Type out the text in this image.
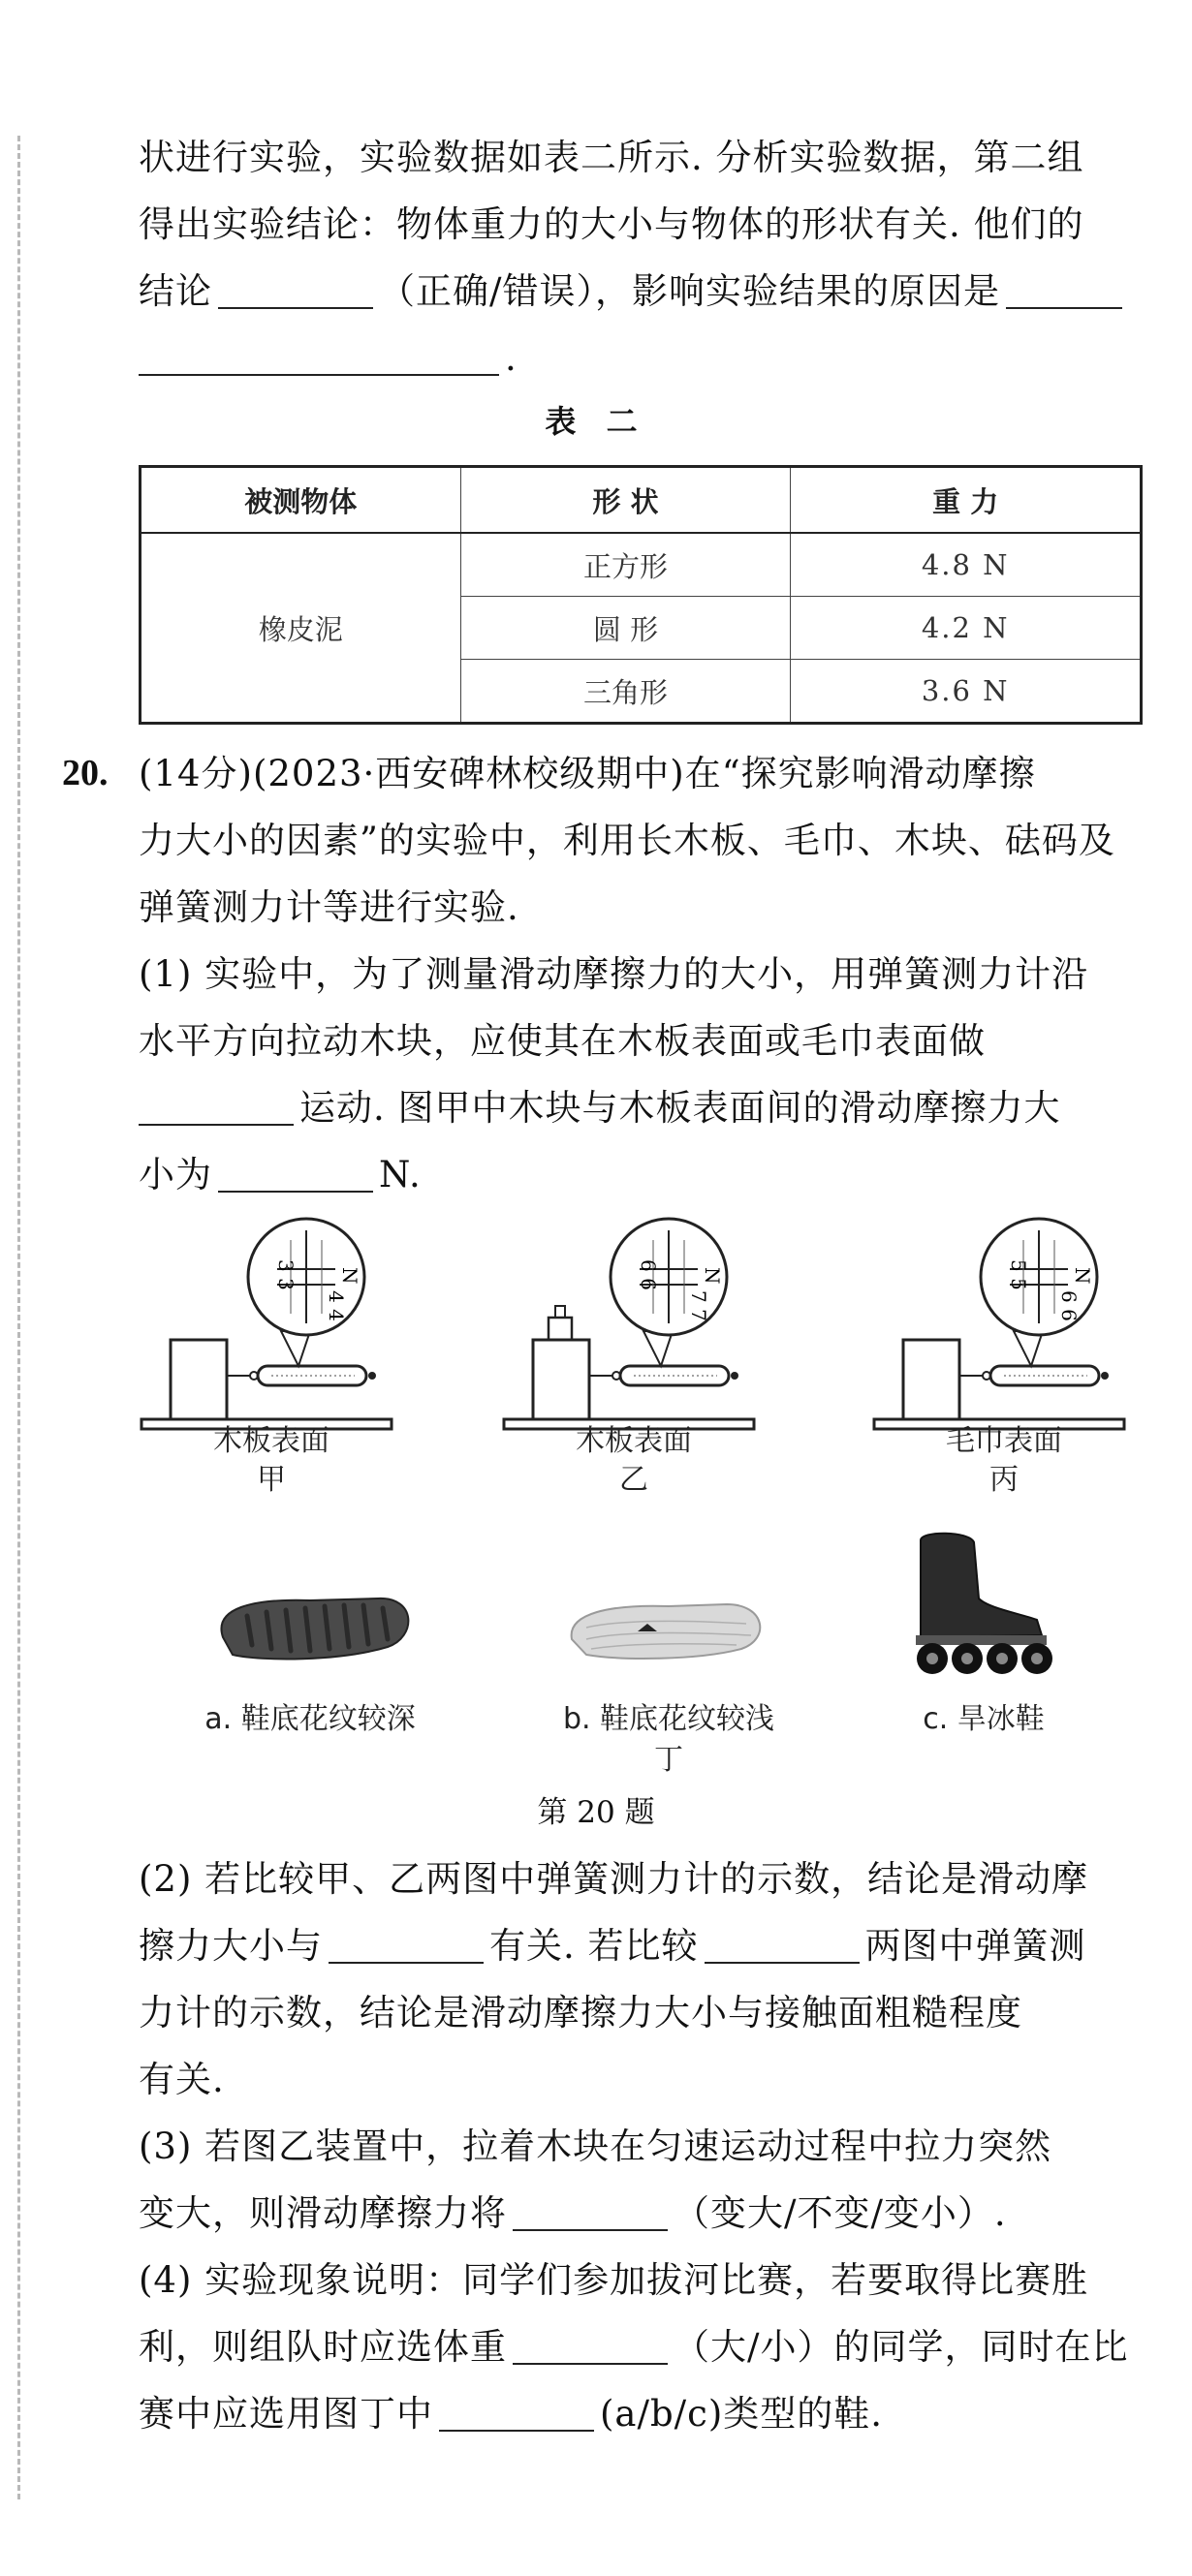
状进行实验，实验数据如表二所示. 分析实验数据，第二组

得出实验结论：物体重力的大小与物体的形状有关. 他们的

结论	（正确/错误），影响实验结果的原因是

.

表 二
被测物体	形 状	重 力
橡皮泥	正方形	4.8 N
	圆 形	4.2 N
	三角形	3.6 N
20. (14分)(2023·西安碑林校级期中)在“探究影响滑动摩擦

力大小的因素”的实验中，利用长木板、毛巾、木块、砝码及

弹簧测力计等进行实验.

(1) 实验中，为了测量滑动摩擦力的大小，用弹簧测力计沿

水平方向拉动木块，应使其在木板表面或毛巾表面做

运动. 图甲中木块与木板表面间的滑动摩擦力大

小为	N.

3 3
4 4
N	6 6
7 7
N	5 5
6 6
N
木板表面
甲
木板表面
乙
毛巾表面
丙
a. 鞋底花纹较深	b. 鞋底花纹较浅	c. 旱冰鞋
丁
第 20 题

(2) 若比较甲、乙两图中弹簧测力计的示数，结论是滑动摩

擦力大小与	有关. 若比较	两图中弹簧测

力计的示数，结论是滑动摩擦力大小与接触面粗糙程度

有关.

(3) 若图乙装置中，拉着木块在匀速运动过程中拉力突然

变大，则滑动摩擦力将	（变大/不变/变小）.

(4) 实验现象说明：同学们参加拔河比赛，若要取得比赛胜

利，则组队时应选体重	（大/小）的同学，同时在比

赛中应选用图丁中	(a/b/c)类型的鞋.
